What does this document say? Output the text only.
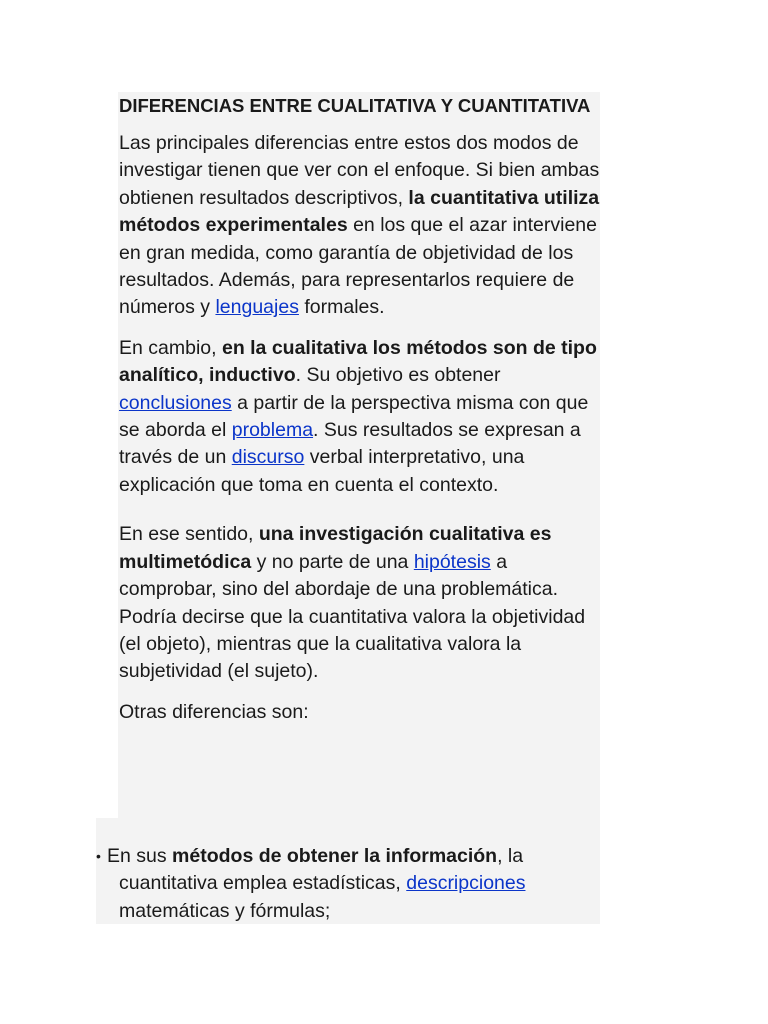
DIFERENCIAS ENTRE CUALITATIVA Y CUANTITATIVA

Las principales diferencias entre estos dos modos de investigar tienen que ver con el enfoque. Si bien ambas obtienen resultados descriptivos, la cuantitativa utiliza métodos experimentales en los que el azar interviene en gran medida, como garantía de objetividad de los resultados. Además, para representarlos requiere de números y lenguajes formales.

En cambio, en la cualitativa los métodos son de tipo analítico, inductivo. Su objetivo es obtener conclusiones a partir de la perspectiva misma con que se aborda el problema. Sus resultados se expresan a través de un discurso verbal interpretativo, una explicación que toma en cuenta el contexto.

En ese sentido, una investigación cualitativa es multimetódica y no parte de una hipótesis a comprobar, sino del abordaje de una problemática. Podría decirse que la cuantitativa valora la objetividad (el objeto), mientras que la cualitativa valora la subjetividad (el sujeto).

Otras diferencias son:

• En sus métodos de obtener la información, la cuantitativa emplea estadísticas, descripciones matemáticas y fórmulas;
